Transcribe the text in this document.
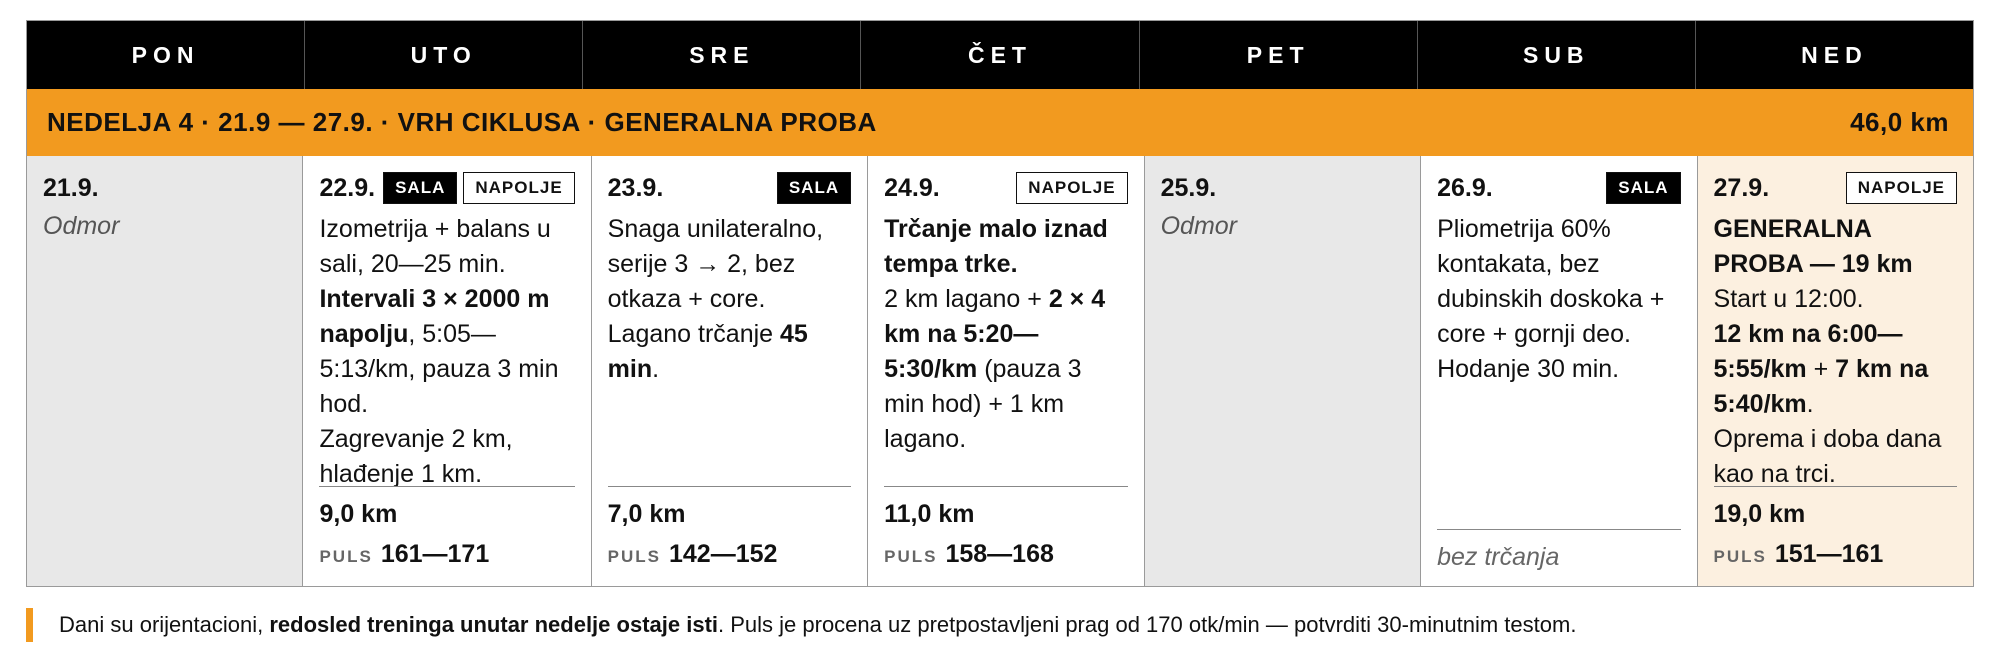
PON	UTO	SRE	ČET	PET	SUB	NED
NEDELJA 4 · 21.9 — 27.9. · VRH CIKLUSA · GENERALNA PROBA	46,0 km
21.9.
Odmor
22.9.	SALA	NAPOLJE
Izometrija + balans u sali, 20—25 min.
Intervali 3 × 2000 m napolju, 5:05—5:13/km, pauza 3 min hod.
Zagrevanje 2 km, hlađenje 1 km.
9,0 km
PULS 161—171
23.9.	SALA
Snaga unilateralno, serije 3 → 2, bez otkaza + core.
Lagano trčanje 45 min.
7,0 km
PULS 142—152
24.9.	NAPOLJE
Trčanje malo iznad tempa trke.
2 km lagano + 2 × 4 km na 5:20—5:30/km (pauza 3 min hod) + 1 km lagano.
11,0 km
PULS 158—168
25.9.
Odmor
26.9.	SALA
Pliometrija 60% kontakata, bez dubinskih doskoka + core + gornji deo.
Hodanje 30 min.
bez trčanja
27.9.	NAPOLJE
GENERALNA PROBA — 19 km
Start u 12:00.
12 km na 6:00—5:55/km + 7 km na 5:40/km.
Oprema i doba dana kao na trci.
19,0 km
PULS 151—161
Dani su orijentacioni, redosled treninga unutar nedelje ostaje isti. Puls je procena uz pretpostavljeni prag od 170 otk/min — potvrditi 30-minutnim testom.
